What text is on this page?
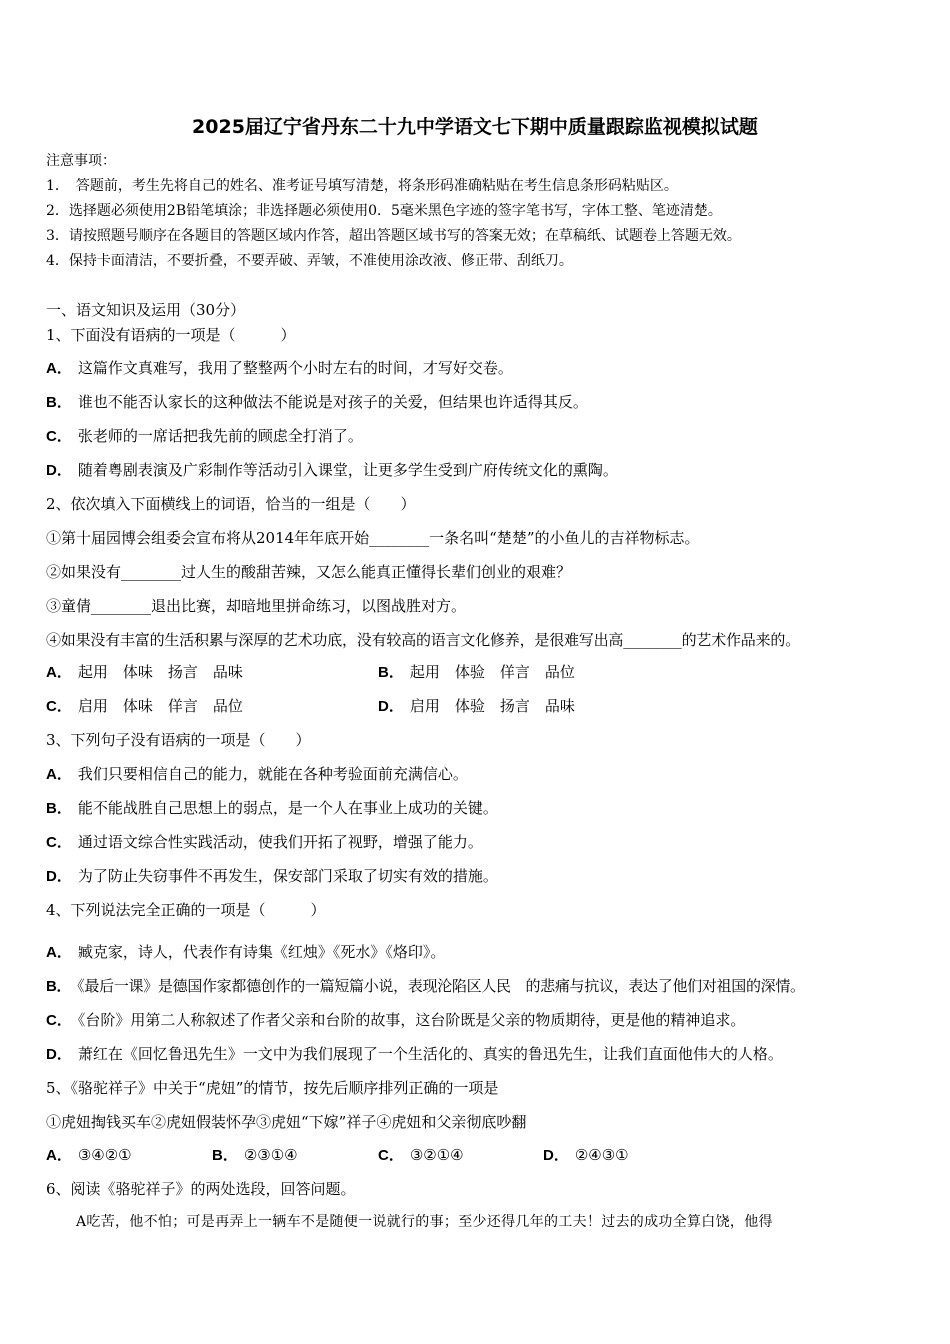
2025届辽宁省丹东二十九中学语文七下期中质量跟踪监视模拟试题
注意事项：
1．　答题前，考生先将自己的姓名、准考证号填写清楚，将条形码准确粘贴在考生信息条形码粘贴区。
2．选择题必须使用2B铅笔填涂；非选择题必须使用0．5毫米黑色字迹的签字笔书写，字体工整、笔迹清楚。
3．请按照题号顺序在各题目的答题区域内作答，超出答题区域书写的答案无效；在草稿纸、试题卷上答题无效。
4．保持卡面清洁，不要折叠，不要弄破、弄皱，不准使用涂改液、修正带、刮纸刀。
一、语文知识及运用（30分）
1、下面没有语病的一项是（　　　）
A． 这篇作文真难写，我用了整整两个小时左右的时间，才写好交卷。
B． 谁也不能否认家长的这种做法不能说是对孩子的关爱，但结果也许适得其反。
C． 张老师的一席话把我先前的顾虑全打消了。
D． 随着粤剧表演及广彩制作等活动引入课堂，让更多学生受到广府传统文化的熏陶。
2、依次填入下面横线上的词语，恰当的一组是（　　）
①第十届园博会组委会宣布将从2014年年底开始________一条名叫“楚楚”的小鱼儿的吉祥物标志。
②如果没有________过人生的酸甜苦辣，又怎么能真正懂得长辈们创业的艰难？
③童倩________退出比赛，却暗地里拼命练习，以图战胜对方。
④如果没有丰富的生活积累与深厚的艺术功底，没有较高的语言文化修养，是很难写出高________的艺术作品来的。
A． 起用　体味　扬言　品味	B． 起用　体验　佯言　品位
C． 启用　体味　佯言　品位	D． 启用　体验　扬言　品味
3、下列句子没有语病的一项是（　　）
A． 我们只要相信自己的能力，就能在各种考验面前充满信心。
B． 能不能战胜自己思想上的弱点，是一个人在事业上成功的关键。
C． 通过语文综合性实践活动，使我们开拓了视野，增强了能力。
D． 为了防止失窃事件不再发生，保安部门采取了切实有效的措施。
4、下列说法完全正确的一项是（　　　）
A． 臧克家，诗人，代表作有诗集《红烛》《死水》《烙印》。
B． 《最后一课》是德国作家都德创作的一篇短篇小说，表现沦陷区人民　的悲痛与抗议，表达了他们对祖国的深情。
C． 《台阶》用第二人称叙述了作者父亲和台阶的故事，这台阶既是父亲的物质期待，更是他的精神追求。
D． 萧红在《回忆鲁迅先生》一文中为我们展现了一个生活化的、真实的鲁迅先生，让我们直面他伟大的人格。
5、《骆驼祥子》中关于“虎妞”的情节，按先后顺序排列正确的一项是
①虎妞掏钱买车②虎妞假装怀孕③虎妞“下嫁”祥子④虎妞和父亲彻底吵翻
A． ③④②①	B． ②③①④	C． ③②①④	D． ②④③①
6、阅读《骆驼祥子》的两处选段，回答问题。
A吃苦，他不怕；可是再弄上一辆车不是随便一说就行的事；至少还得几年的工夫！过去的成功全算白饶，他得
